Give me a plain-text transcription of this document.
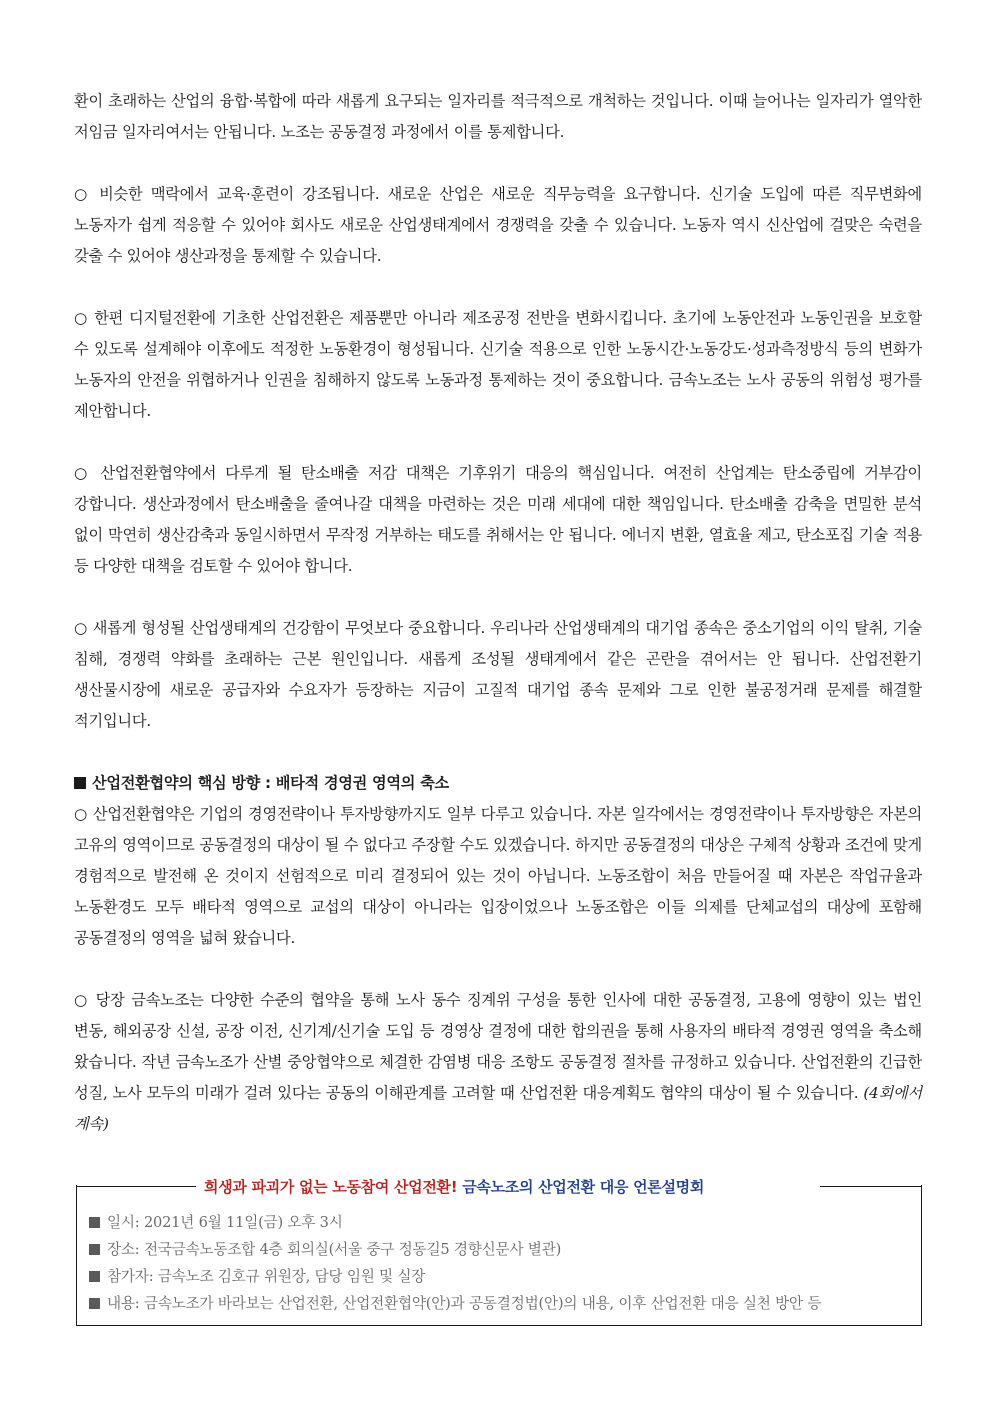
환이 초래하는 산업의 융합·복합에 따라 새롭게 요구되는 일자리를 적극적으로 개척하는 것입니다. 이때 늘어나는 일자리가 열악한 저임금 일자리여서는 안됩니다. 노조는 공동결정 과정에서 이를 통제합니다.

○ 비슷한 맥락에서 교육·훈련이 강조됩니다. 새로운 산업은 새로운 직무능력을 요구합니다. 신기술 도입에 따른 직무변화에 노동자가 쉽게 적응할 수 있어야 회사도 새로운 산업생태계에서 경쟁력을 갖출 수 있습니다. 노동자 역시 신산업에 걸맞은 숙련을 갖출 수 있어야 생산과정을 통제할 수 있습니다.

○ 한편 디지털전환에 기초한 산업전환은 제품뿐만 아니라 제조공정 전반을 변화시킵니다. 초기에 노동안전과 노동인권을 보호할 수 있도록 설계해야 이후에도 적정한 노동환경이 형성됩니다. 신기술 적용으로 인한 노동시간·노동강도·성과측정방식 등의 변화가 노동자의 안전을 위협하거나 인권을 침해하지 않도록 노동과정 통제하는 것이 중요합니다. 금속노조는 노사 공동의 위험성 평가를 제안합니다.

○ 산업전환협약에서 다루게 될 탄소배출 저감 대책은 기후위기 대응의 핵심입니다. 여전히 산업계는 탄소중립에 거부감이 강합니다. 생산과정에서 탄소배출을 줄여나갈 대책을 마련하는 것은 미래 세대에 대한 책임입니다. 탄소배출 감축을 면밀한 분석 없이 막연히 생산감축과 동일시하면서 무작정 거부하는 태도를 취해서는 안 됩니다. 에너지 변환, 열효율 제고, 탄소포집 기술 적용 등 다양한 대책을 검토할 수 있어야 합니다.

○ 새롭게 형성될 산업생태계의 건강함이 무엇보다 중요합니다. 우리나라 산업생태계의 대기업 종속은 중소기업의 이익 탈취, 기술 침해, 경쟁력 약화를 초래하는 근본 원인입니다. 새롭게 조성될 생태계에서 같은 곤란을 겪어서는 안 됩니다. 산업전환기 생산물시장에 새로운 공급자와 수요자가 등장하는 지금이 고질적 대기업 종속 문제와 그로 인한 불공정거래 문제를 해결할 적기입니다.

산업전환협약의 핵심 방향 : 배타적 경영권 영역의 축소

○ 산업전환협약은 기업의 경영전략이나 투자방향까지도 일부 다루고 있습니다. 자본 일각에서는 경영전략이나 투자방향은 자본의 고유의 영역이므로 공동결정의 대상이 될 수 없다고 주장할 수도 있겠습니다. 하지만 공동결정의 대상은 구체적 상황과 조건에 맞게 경험적으로 발전해 온 것이지 선험적으로 미리 결정되어 있는 것이 아닙니다. 노동조합이 처음 만들어질 때 자본은 작업규율과 노동환경도 모두 배타적 영역으로 교섭의 대상이 아니라는 입장이었으나 노동조합은 이들 의제를 단체교섭의 대상에 포함해 공동결정의 영역을 넓혀 왔습니다.

○ 당장 금속노조는 다양한 수준의 협약을 통해 노사 동수 징계위 구성을 통한 인사에 대한 공동결정, 고용에 영향이 있는 법인 변동, 해외공장 신설, 공장 이전, 신기계/신기술 도입 등 경영상 결정에 대한 합의권을 통해 사용자의 배타적 경영권 영역을 축소해 왔습니다. 작년 금속노조가 산별 중앙협약으로 체결한 감염병 대응 조항도 공동결정 절차를 규정하고 있습니다. 산업전환의 긴급한 성질, 노사 모두의 미래가 걸려 있다는 공동의 이해관계를 고려할 때 산업전환 대응계획도 협약의 대상이 될 수 있습니다. (4회에서 계속)

일시: 2021년 6월 11일(금) 오후 3시
장소: 전국금속노동조합 4층 회의실(서울 중구 정동길5 경향신문사 별관)
참가자: 금속노조 김호규 위원장, 담당 임원 및 실장
내용: 금속노조가 바라보는 산업전환, 산업전환협약(안)과 공동결정법(안)의 내용, 이후 산업전환 대응 실천 방안 등
희생과 파괴가 없는 노동참여 산업전환! 금속노조의 산업전환 대응 언론설명회
